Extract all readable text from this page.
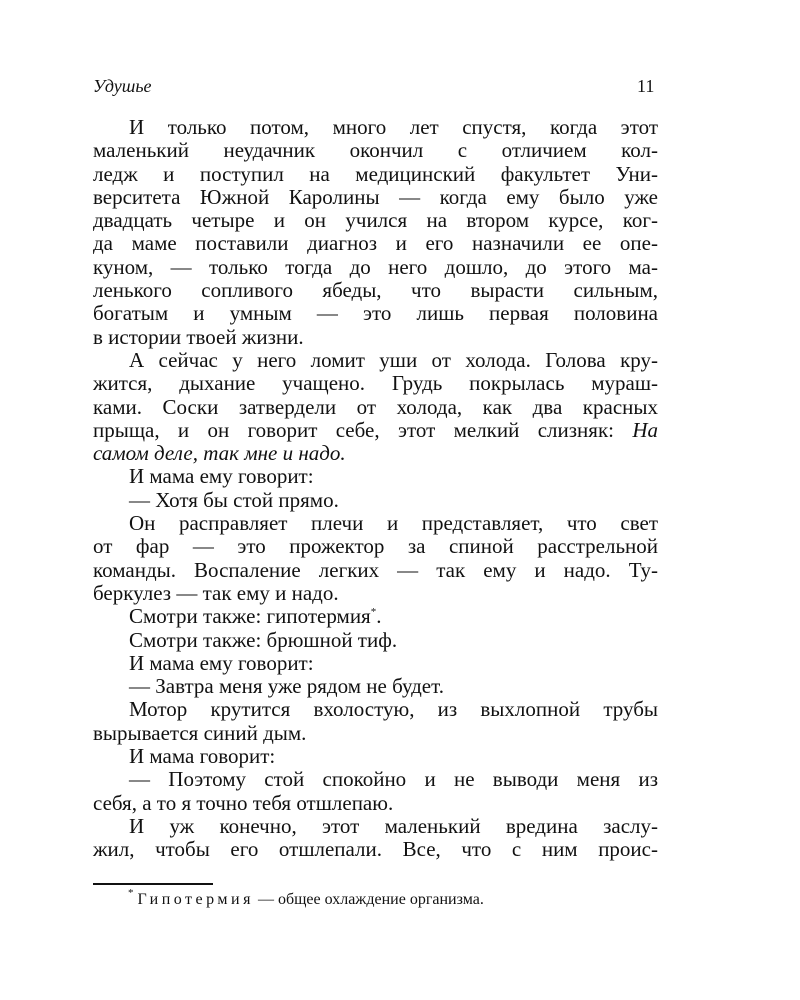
Удушье	11
И только потом, много лет спустя, когда этот
маленький неудачник окончил с отличием кол-
ледж и поступил на медицинский факультет Уни-
верситета Южной Каролины — когда ему было уже
двадцать четыре и он учился на втором курсе, ког-
да маме поставили диагноз и его назначили ее опе-
куном, — только тогда до него дошло, до этого ма-
ленького сопливого ябеды, что вырасти сильным,
богатым и умным — это лишь первая половина
в истории твоей жизни.
А сейчас у него ломит уши от холода. Голова кру-
жится, дыхание учащено. Грудь покрылась мураш-
ками. Соски затвердели от холода, как два красных
прыща, и он говорит себе, этот мелкий слизняк: На
самом деле, так мне и надо.
И мама ему говорит:
— Хотя бы стой прямо.
Он расправляет плечи и представляет, что свет
от фар — это прожектор за спиной расстрельной
команды. Воспаление легких — так ему и надо. Ту-
беркулез — так ему и надо.
Смотри также: гипотермия*.
Смотри также: брюшной тиф.
И мама ему говорит:
— Завтра меня уже рядом не будет.
Мотор крутится вхолостую, из выхлопной трубы
вырывается синий дым.
И мама говорит:
— Поэтому стой спокойно и не выводи меня из
себя, а то я точно тебя отшлепаю.
И уж конечно, этот маленький вредина заслу-
жил, чтобы его отшлепали. Все, что с ним проис-
* Гипотермия — общее охлаждение организма.
